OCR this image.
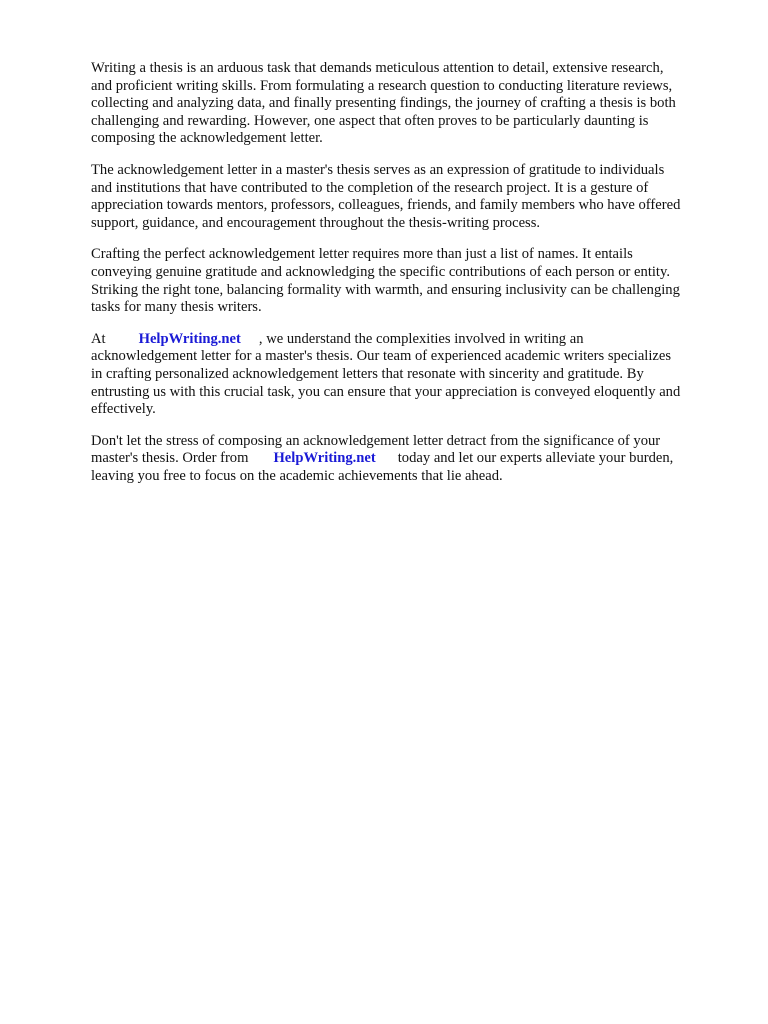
Writing a thesis is an arduous task that demands meticulous attention to detail, extensive research,
and proficient writing skills. From formulating a research question to conducting literature reviews,
collecting and analyzing data, and finally presenting findings, the journey of crafting a thesis is both
challenging and rewarding. However, one aspect that often proves to be particularly daunting is
composing the acknowledgement letter.

The acknowledgement letter in a master's thesis serves as an expression of gratitude to individuals
and institutions that have contributed to the completion of the research project. It is a gesture of
appreciation towards mentors, professors, colleagues, friends, and family members who have offered
support, guidance, and encouragement throughout the thesis-writing process.

Crafting the perfect acknowledgement letter requires more than just a list of names. It entails
conveying genuine gratitude and acknowledging the specific contributions of each person or entity.
Striking the right tone, balancing formality with warmth, and ensuring inclusivity can be challenging
tasks for many thesis writers.

At HelpWriting.net , we understand the complexities involved in writing an
acknowledgement letter for a master's thesis. Our team of experienced academic writers specializes
in crafting personalized acknowledgement letters that resonate with sincerity and gratitude. By
entrusting us with this crucial task, you can ensure that your appreciation is conveyed eloquently and
effectively.

Don't let the stress of composing an acknowledgement letter detract from the significance of your
master's thesis. Order from HelpWriting.net today and let our experts alleviate your burden,
leaving you free to focus on the academic achievements that lie ahead.
